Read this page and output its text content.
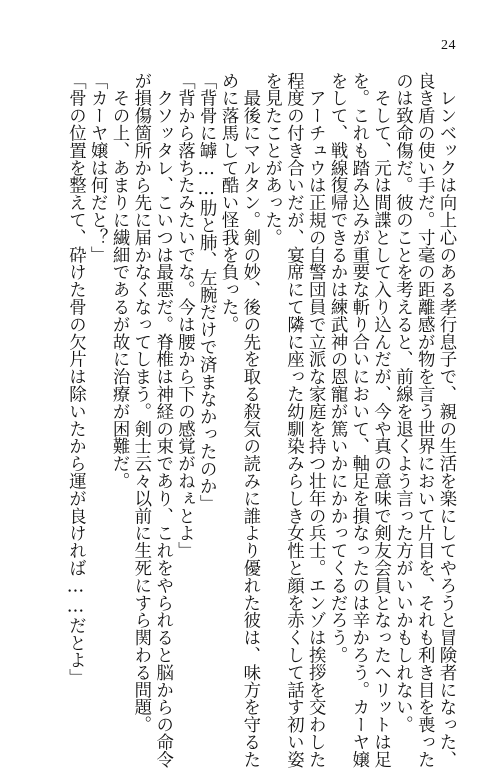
24
　レンベックは向上心のある孝行息子で、親の生活を楽にしてやろうと冒険者になった、
良き盾の使い手だ。寸毫の距離感が物を言う世界において片目を、それも利き目を喪った
のは致命傷だ。彼のことを考えると、前線を退くよう言った方がいいかもしれない。
　そして、元は間諜として入り込んだが、今や真の意味で剣友会員となったヘリットは足
を。これも踏み込みが重要な斬り合いにおいて、軸足を損なったのは辛かろう。カーヤ嬢
をして、戦線復帰できるかは練武神の恩寵が篤いかにかかってくるだろう。
　アーチュウは正規の自警団員で立派な家庭を持つ壮年の兵士。エンゾは挨拶を交わした
程度の付き合いだが、宴席にて隣に座った幼馴染みらしき女性と顔を赤くして話す初い姿
を見たことがあった。
　最後にマルタン。剣の妙、後の先を取る殺気の読みに誰より優れた彼は、味方を守るた
めに落馬して酷い怪我を負った。
「背骨に罅……肋と肺、左腕だけで済まなかったのか」
「背から落ちたみたいでな。今は腰から下の感覚がねぇとよ」
　クソッタレ、こいつは最悪だ。脊椎は神経の束であり、これをやられると脳からの命令
が損傷箇所から先に届かなくなってしまう。剣士云々以前に生死にすら関わる問題。
　その上、あまりに繊細であるが故に治療が困難だ。
「カーヤ嬢は何だと？」
「骨の位置を整えて、砕けた骨の欠片は除いたから運が良ければ……だとよ」
